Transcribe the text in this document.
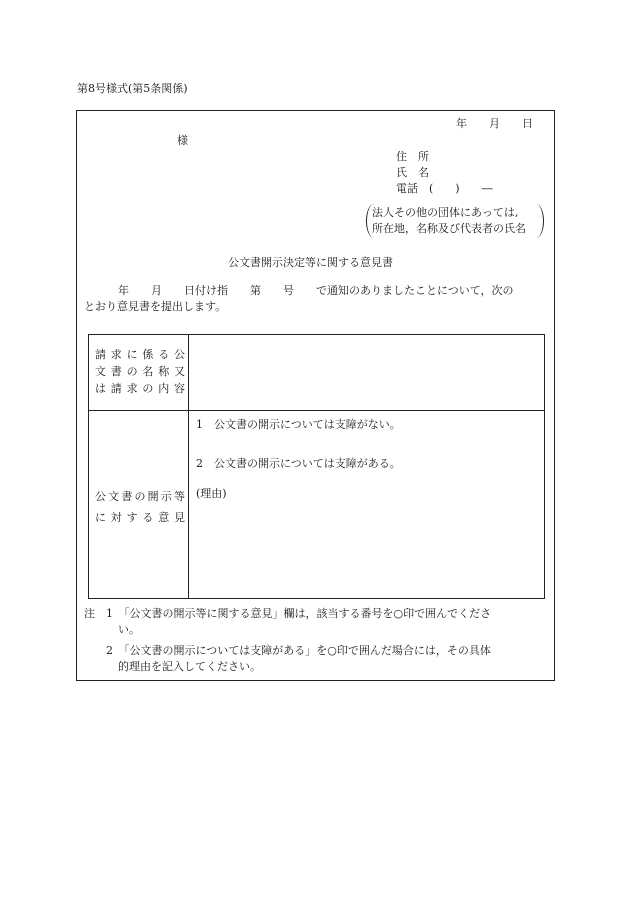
第8号様式(第5条関係)
年　　月　　日
様
住　所
氏　名
電話　(　　)　　―
法人その他の団体にあっては,
所在地，名称及び代表者の氏名
公文書開示決定等に関する意見書
年　　月　　日付け指　　第　　号　　で通知のありましたことについて，次の
とおり意見書を提出します。
請求に係る公
文書の名称又
は請求の内容
公文書の開示等
に対する意見
1　公文書の開示については支障がない。
2　公文書の開示については支障がある。
(理由)
注 1　「公文書の開示等に関する意見」欄は，該当する番号を○印で囲んでくださ
い。
2　「公文書の開示については支障がある」を○印で囲んだ場合には，その具体
的理由を記入してください。
